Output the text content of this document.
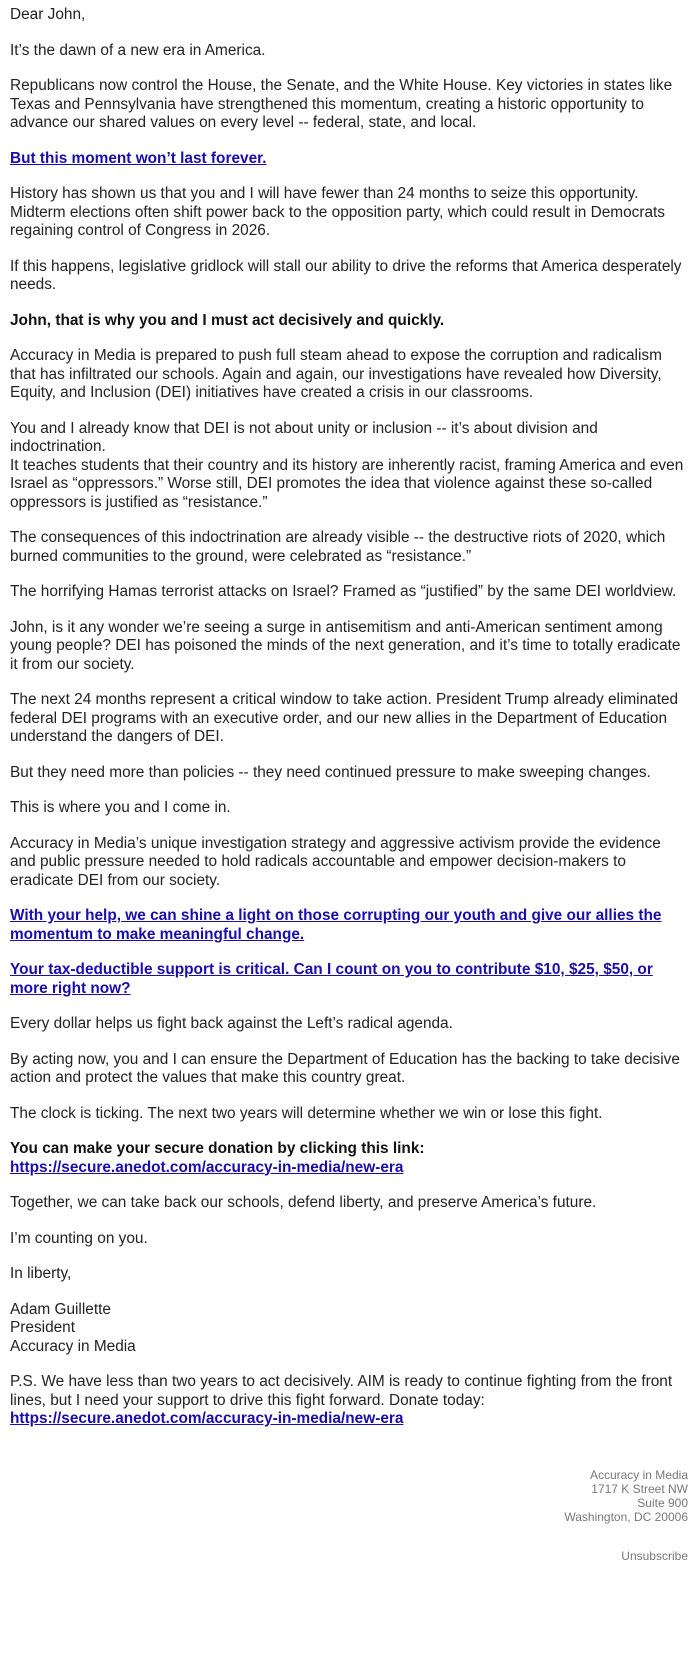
Dear John,

It’s the dawn of a new era in America.

Republicans now control the House, the Senate, and the White House. Key victories in states like Texas and Pennsylvania have strengthened this momentum, creating a historic opportunity to advance our shared values on every level -- federal, state, and local.

But this moment won’t last forever.

History has shown us that you and I will have fewer than 24 months to seize this opportunity. Midterm elections often shift power back to the opposition party, which could result in Democrats regaining control of Congress in 2026.

If this happens, legislative gridlock will stall our ability to drive the reforms that America desperately needs.

John, that is why you and I must act decisively and quickly.

Accuracy in Media is prepared to push full steam ahead to expose the corruption and radicalism that has infiltrated our schools. Again and again, our investigations have revealed how Diversity, Equity, and Inclusion (DEI) initiatives have created a crisis in our classrooms.

You and I already know that DEI is not about unity or inclusion -- it’s about division and indoctrination.

It teaches students that their country and its history are inherently racist, framing America and even Israel as “oppressors.” Worse still, DEI promotes the idea that violence against these so-called oppressors is justified as “resistance.”

The consequences of this indoctrination are already visible -- the destructive riots of 2020, which burned communities to the ground, were celebrated as “resistance.”

The horrifying Hamas terrorist attacks on Israel? Framed as “justified” by the same DEI worldview.

John, is it any wonder we’re seeing a surge in antisemitism and anti-American sentiment among young people? DEI has poisoned the minds of the next generation, and it’s time to totally eradicate it from our society.

The next 24 months represent a critical window to take action. President Trump already eliminated federal DEI programs with an executive order, and our new allies in the Department of Education understand the dangers of DEI.

But they need more than policies -- they need continued pressure to make sweeping changes.

This is where you and I come in.

Accuracy in Media’s unique investigation strategy and aggressive activism provide the evidence and public pressure needed to hold radicals accountable and empower decision-makers to eradicate DEI from our society.

With your help, we can shine a light on those corrupting our youth and give our allies the momentum to make meaningful change.

Your tax-deductible support is critical. Can I count on you to contribute $10, $25, $50, or more right now?

Every dollar helps us fight back against the Left’s radical agenda.

By acting now, you and I can ensure the Department of Education has the backing to take decisive action and protect the values that make this country great.

The clock is ticking. The next two years will determine whether we win or lose this fight.

You can make your secure donation by clicking this link:
https://secure.anedot.com/accuracy-in-media/new-era

Together, we can take back our schools, defend liberty, and preserve America’s future.

I’m counting on you.

In liberty,

Adam Guillette
President
Accuracy in Media

P.S. We have less than two years to act decisively. AIM is ready to continue fighting from the front lines, but I need your support to drive this fight forward. Donate today:
https://secure.anedot.com/accuracy-in-media/new-era

Accuracy in Media
1717 K Street NW
Suite 900
Washington, DC 20006
Unsubscribe
